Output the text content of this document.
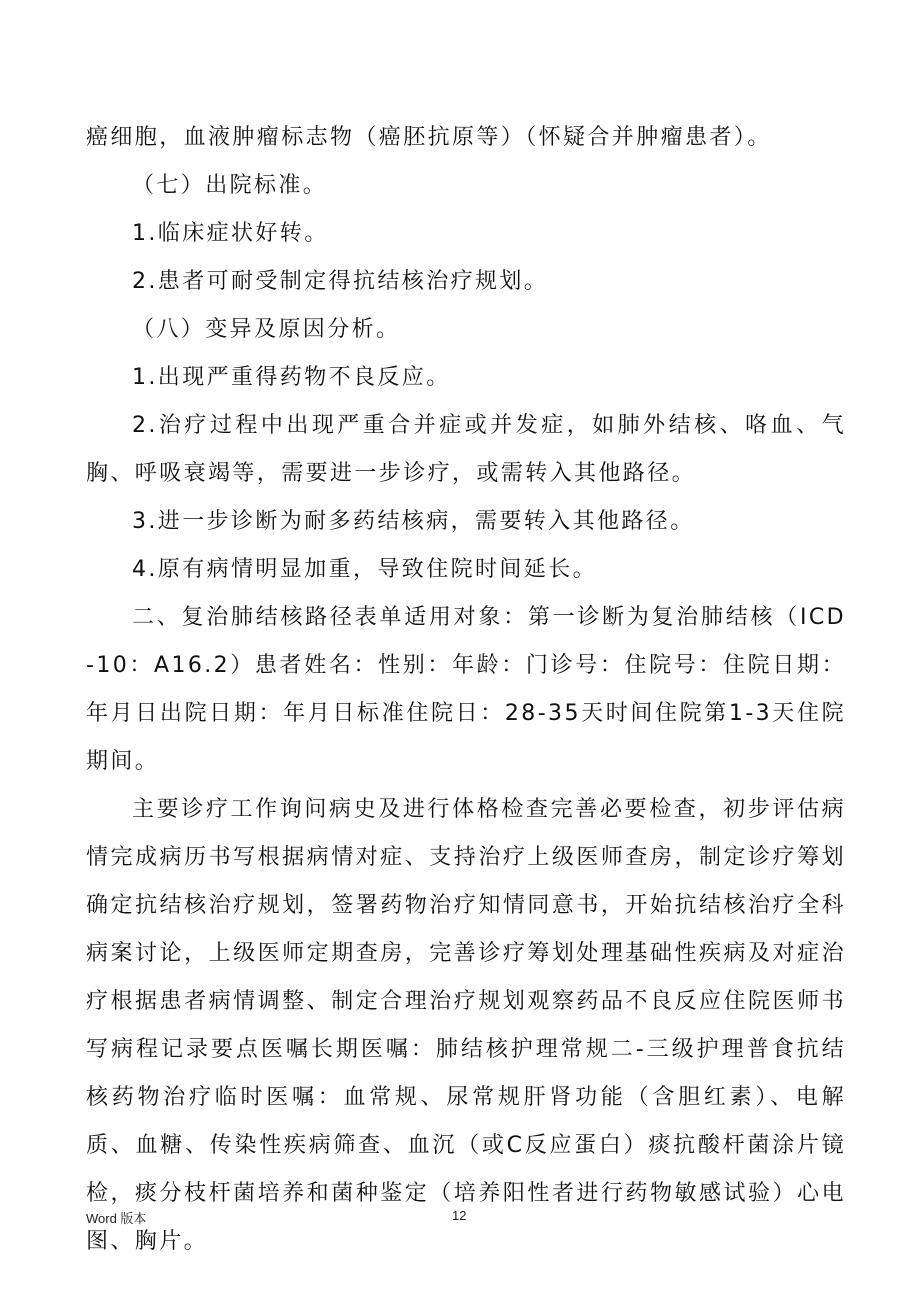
癌细胞，血液肿瘤标志物（癌胚抗原等）（怀疑合并肿瘤患者）。

（七）出院标准。

1.临床症状好转。

2.患者可耐受制定得抗结核治疗规划。

（八）变异及原因分析。

1.出现严重得药物不良反应。

2.治疗过程中出现严重合并症或并发症，如肺外结核、咯血、气胸、呼吸衰竭等，需要进一步诊疗，或需转入其他路径。

3.进一步诊断为耐多药结核病，需要转入其他路径。

4.原有病情明显加重，导致住院时间延长。

二、复治肺结核路径表单适用对象：第一诊断为复治肺结核（ICD-10：A16.2）患者姓名：性别：年龄：门诊号：住院号：住院日期：年月日出院日期：年月日标准住院日：28-35天时间住院第1-3天住院期间。

主要诊疗工作询问病史及进行体格检查完善必要检查，初步评估病情完成病历书写根据病情对症、支持治疗上级医师查房，制定诊疗筹划确定抗结核治疗规划，签署药物治疗知情同意书，开始抗结核治疗全科病案讨论，上级医师定期查房，完善诊疗筹划处理基础性疾病及对症治疗根据患者病情调整、制定合理治疗规划观察药品不良反应住院医师书写病程记录要点医嘱长期医嘱：肺结核护理常规二-三级护理普食抗结核药物治疗临时医嘱：血常规、尿常规肝肾功能（含胆红素）、电解质、血糖、传染性疾病筛查、血沉（或C反应蛋白）痰抗酸杆菌涂片镜检，痰分枝杆菌培养和菌种鉴定（培养阳性者进行药物敏感试验）心电图、胸片。

Word 版本	12
